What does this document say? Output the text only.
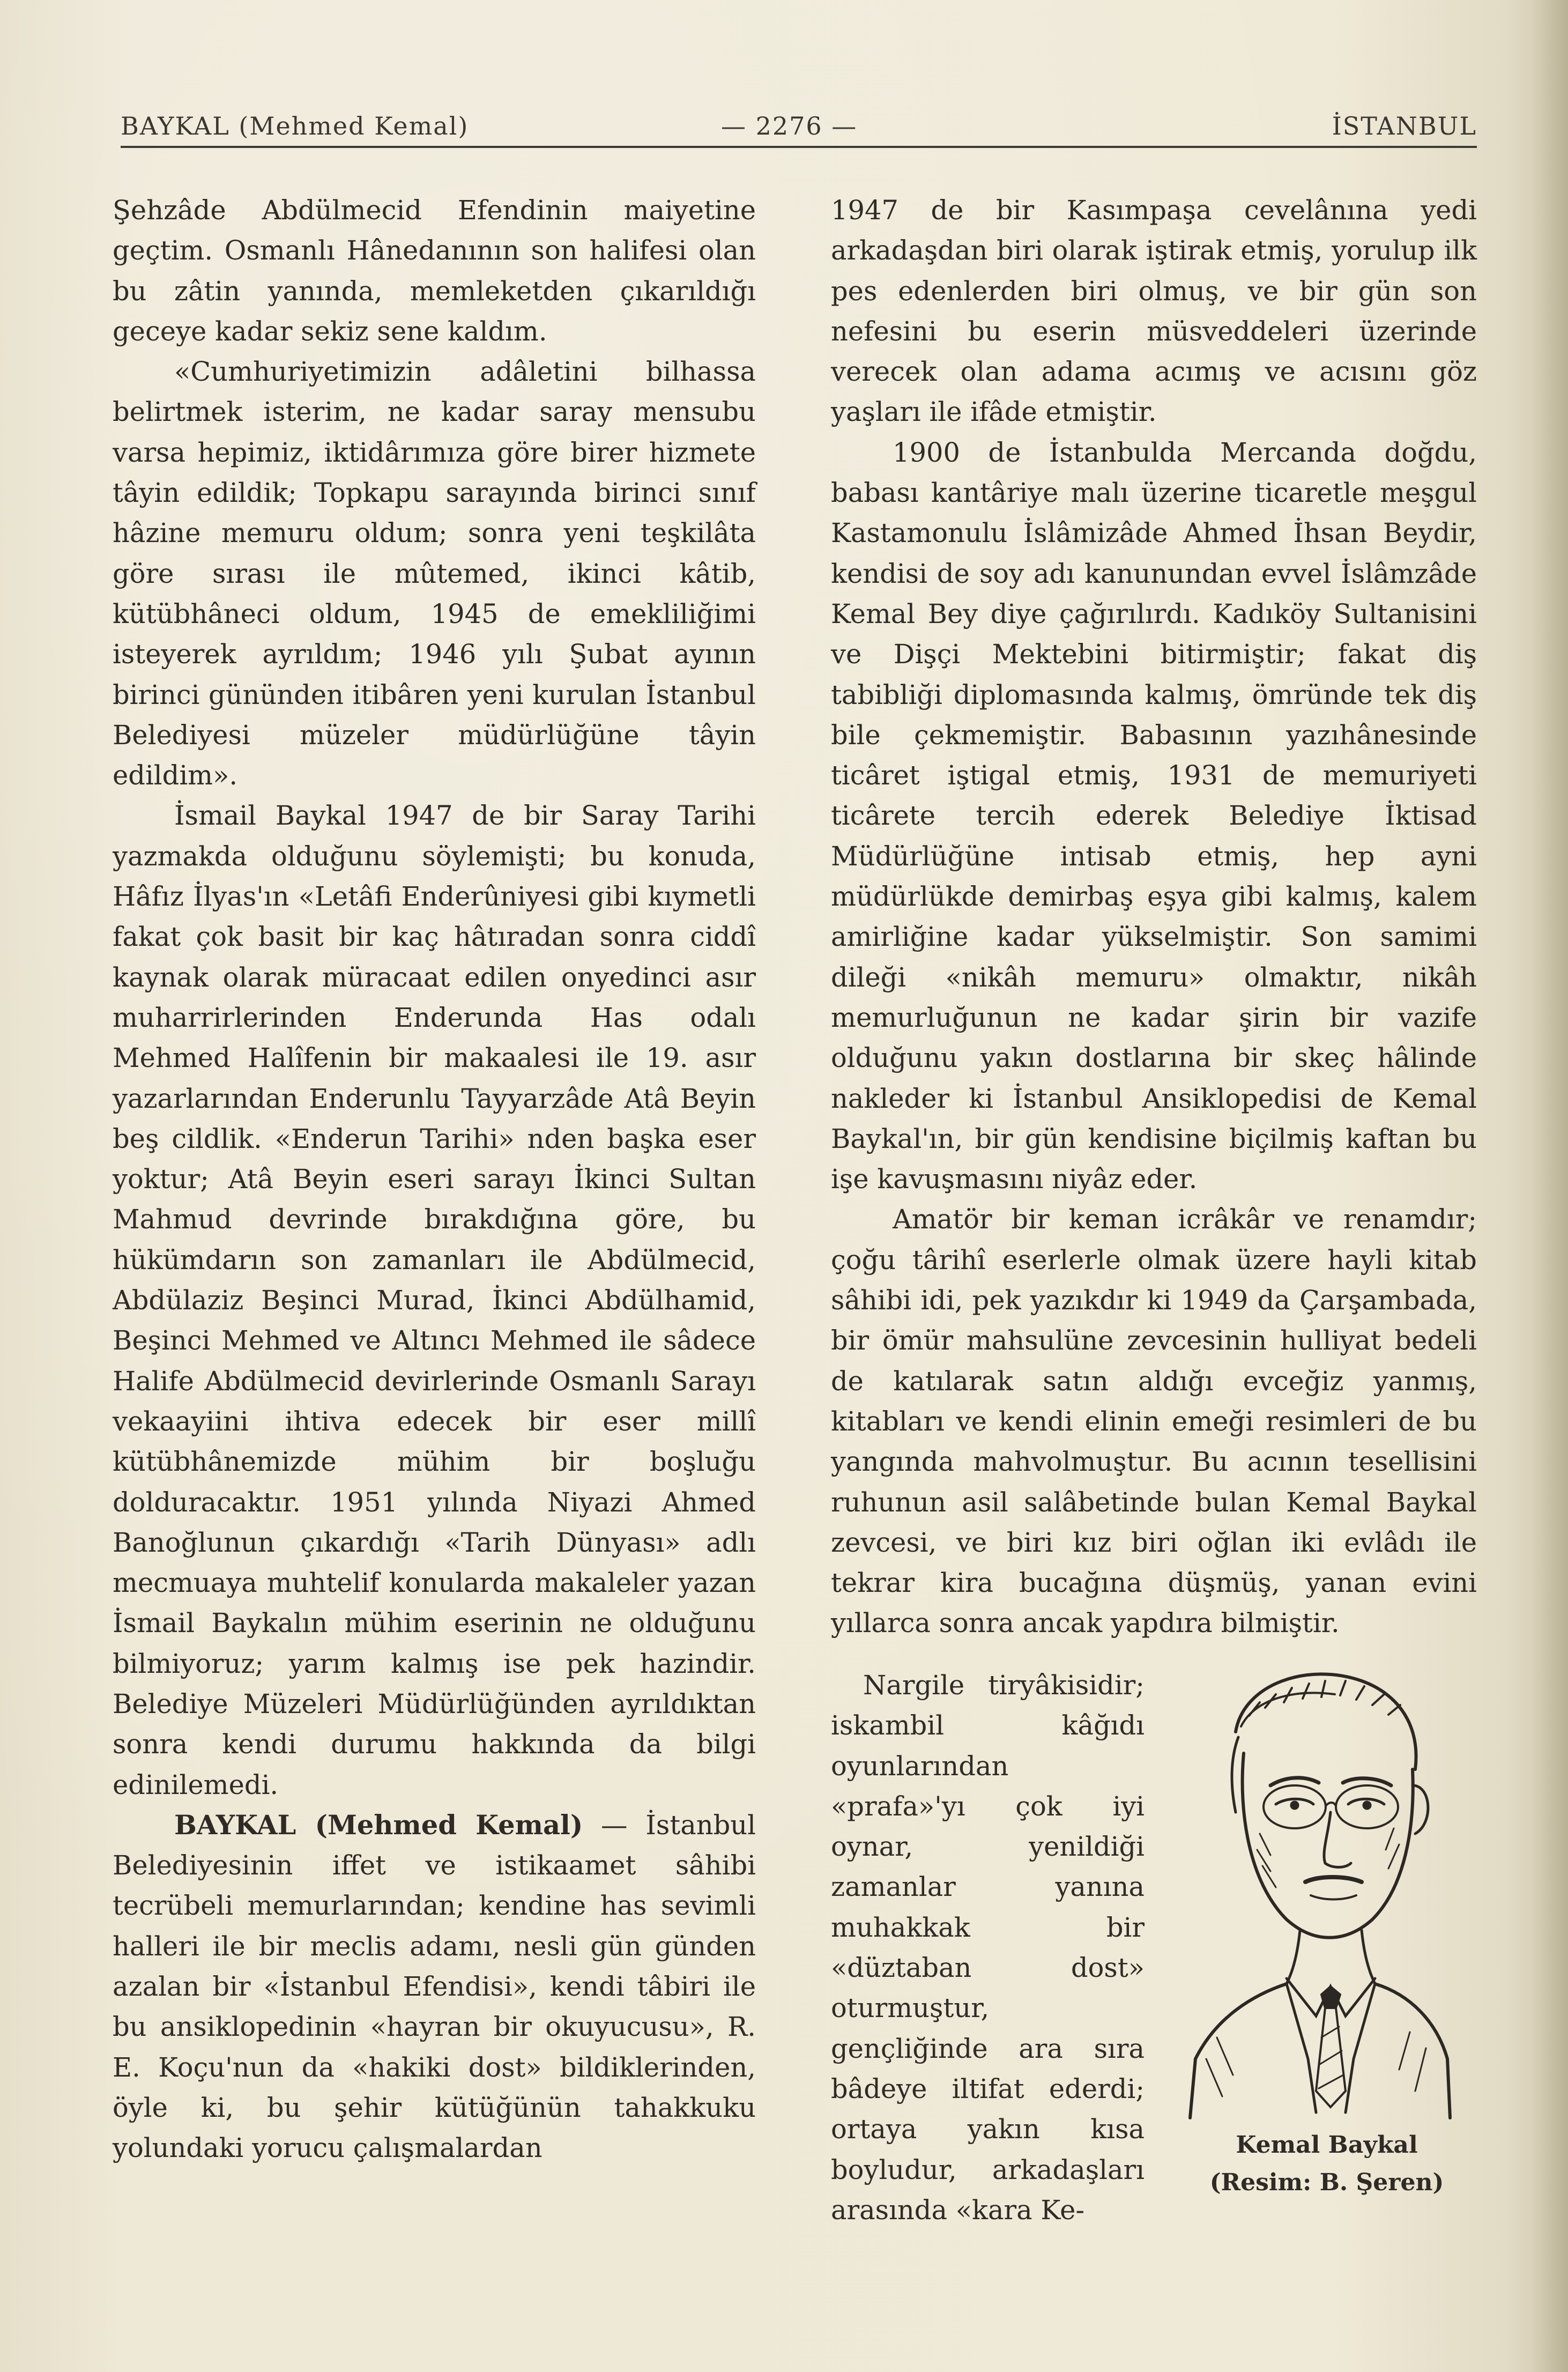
BAYKAL (Mehmed Kemal)	— 2276 —	İSTANBUL

Şehzâde Abdülmecid Efendinin maiyetine geçtim. Osmanlı Hânedanının son halifesi olan bu zâtin yanında, memleketden çıkarıldığı geceye kadar sekiz sene kaldım.

«Cumhuriyetimizin adâletini bilhassa belirtmek isterim, ne kadar saray mensubu varsa hepimiz, iktidârımıza göre birer hizmete tâyin edildik; Topkapu sarayında birinci sınıf hâzine memuru oldum; sonra yeni teşkilâta göre sırası ile mûtemed, ikinci kâtib, kütübhâneci oldum, 1945 de emekliliğimi isteyerek ayrıldım; 1946 yılı Şubat ayının birinci gününden itibâren yeni kurulan İstanbul Belediyesi müzeler müdürlüğüne tâyin edildim».

İsmail Baykal 1947 de bir Saray Tarihi yazmakda olduğunu söylemişti; bu konuda, Hâfız İlyas'ın «Letâfi Enderûniyesi gibi kıymetli fakat çok basit bir kaç hâtıradan sonra ciddî kaynak olarak müracaat edilen onyedinci asır muharrirlerinden Enderunda Has odalı Mehmed Halîfenin bir makaalesi ile 19. asır yazarlarından Enderunlu Tayyarzâde Atâ Beyin beş cildlik. «Enderun Tarihi» nden başka eser yoktur; Atâ Beyin eseri sarayı İkinci Sultan Mahmud devrinde bırakdığına göre, bu hükümdarın son zamanları ile Abdülmecid, Abdülaziz Beşinci Murad, İkinci Abdülhamid, Beşinci Mehmed ve Altıncı Mehmed ile sâdece Halife Abdülmecid devirlerinde Osmanlı Sarayı vekaayiini ihtiva edecek bir eser millî kütübhânemizde mühim bir boşluğu dolduracaktır. 1951 yılında Niyazi Ahmed Banoğlunun çıkardığı «Tarih Dünyası» adlı mecmuaya muhtelif konularda makaleler yazan İsmail Baykalın mühim eserinin ne olduğunu bilmiyoruz; yarım kalmış ise pek hazindir. Belediye Müzeleri Müdürlüğünden ayrıldıktan sonra kendi durumu hakkında da bilgi edinilemedi.

BAYKAL (Mehmed Kemal) — İstanbul Belediyesinin iffet ve istikaamet sâhibi tecrübeli memurlarından; kendine has sevimli halleri ile bir meclis adamı, nesli gün günden azalan bir «İstanbul Efendisi», kendi tâbiri ile bu ansiklopedinin «hayran bir okuyucusu», R. E. Koçu'nun da «hakiki dost» bildiklerinden, öyle ki, bu şehir kütüğünün tahakkuku yolundaki yorucu çalışmalardan

1947 de bir Kasımpaşa cevelânına yedi arkadaşdan biri olarak iştirak etmiş, yorulup ilk pes edenlerden biri olmuş, ve bir gün son nefesini bu eserin müsveddeleri üzerinde verecek olan adama acımış ve acısını göz yaşları ile ifâde etmiştir.

1900 de İstanbulda Mercanda doğdu, babası kantâriye malı üzerine ticaretle meşgul Kastamonulu İslâmizâde Ahmed İhsan Beydir, kendisi de soy adı kanunundan evvel İslâmzâde Kemal Bey diye çağırılırdı. Kadıköy Sultanisini ve Dişçi Mektebini bitirmiştir; fakat diş tabibliği diplomasında kalmış, ömründe tek diş bile çekmemiştir. Babasının yazıhânesinde ticâret iştigal etmiş, 1931 de memuriyeti ticârete tercih ederek Belediye İktisad Müdürlüğüne intisab etmiş, hep ayni müdürlükde demirbaş eşya gibi kalmış, kalem amirliğine kadar yükselmiştir. Son samimi dileği «nikâh memuru» olmaktır, nikâh memurluğunun ne kadar şirin bir vazife olduğunu yakın dostlarına bir skeç hâlinde nakleder ki İstanbul Ansiklopedisi de Kemal Baykal'ın, bir gün kendisine biçilmiş kaftan bu işe kavuşmasını niyâz eder.

Amatör bir keman icrâkâr ve renamdır; çoğu târihî eserlerle olmak üzere hayli kitab sâhibi idi, pek yazıkdır ki 1949 da Çarşambada, bir ömür mahsulüne zevcesinin hulliyat bedeli de katılarak satın aldığı evceğiz yanmış, kitabları ve kendi elinin emeği resimleri de bu yangında mahvolmuştur. Bu acının tesellisini ruhunun asil salâbetinde bulan Kemal Baykal zevcesi, ve biri kız biri oğlan iki evlâdı ile tekrar kira bucağına düşmüş, yanan evini yıllarca sonra ancak yapdıra bilmiştir.

Nargile tiryâkisidir; iskambil kâğıdı oyunlarından «prafa»'yı çok iyi oynar, yenildiği zamanlar yanına muhakkak bir «düztaban dost» oturmuştur, gençliğinde ara sıra bâdeye iltifat ederdi; ortaya yakın kısa boyludur, arkadaşları arasında «kara Ke-

Kemal Baykal
(Resim: B. Şeren)
